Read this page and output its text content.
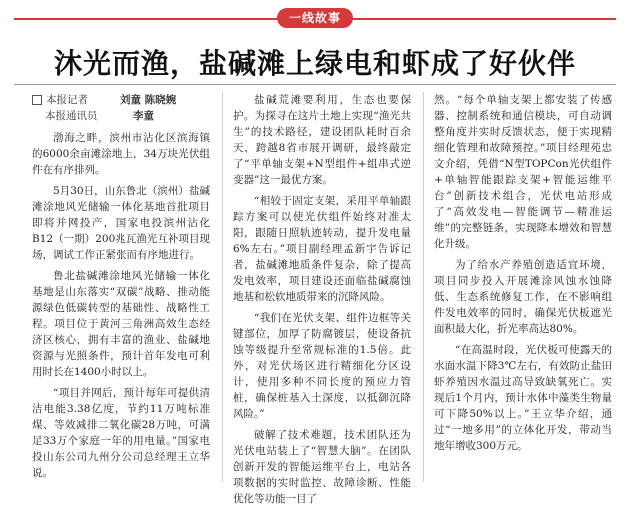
一线故事
沐光而渔，盐碱滩上绿电和虾成了好伙伴
本报记者	刘童 陈晓婉
本报通讯员	李童

渤海之畔，滨州市沾化区滨海镇的6000余亩滩涂地上，34万块光伏组件在有序排列。

5月30日，山东鲁北（滨州）盐碱滩涂地风光储输一体化基地首批项目即将并网投产，国家电投滨州沾化B12（一期）200兆瓦渔光互补项目现场，调试工作正紧张而有序地进行。

鲁北盐碱滩涂地风光储输一体化基地是山东落实“双碳”战略、推动能源绿色低碳转型的基础性、战略性工程。项目位于黄河三角洲高效生态经济区核心，拥有丰富的渔业、盐碱地资源与光照条件，预计首年发电可利用时长在1400小时以上。

“项目并网后，预计每年可提供清洁电能3.38亿度，节约11万吨标准煤、等效减排二氧化碳28万吨，可满足33万个家庭一年的用电量。”国家电投山东公司九州分公司总经理王立华说。

盐碱荒滩要利用，生态也要保护。为探寻在这片土地上实现“渔光共生”的技术路径，建设团队耗时百余天，跨越8省市展开调研，最终敲定了“平单轴支架+N型组件+组串式逆变器”这一最优方案。

“相较于固定支架，采用平单轴跟踪方案可以使光伏组件始终对准太阳，跟随日照轨迹转动，提升发电量6%左右。”项目副经理孟新宇告诉记者，盐碱滩地质条件复杂，除了提高发电效率，项目建设还面临盐碱腐蚀地基和松软地质带来的沉降风险。

“我们在光伏支架、组件边框等关键部位，加厚了防腐镀层，使设备抗蚀等级提升至常规标准的1.5倍。此外，对光伏场区进行精细化分区设计，使用多种不同长度的预应力管桩，确保桩基入土深度，以抵御沉降风险。”

破解了技术难题，技术团队还为光伏电站装上了“智慧大脑”。在团队创新开发的智能运维平台上，电站各项数据的实时监控、故障诊断、性能优化等功能一目了

然。“每个单轴支架上都安装了传感器、控制系统和通信模块，可自动调整角度并实时反馈状态，便于实现精细化管理和故障预控。”项目经理苑忠文介绍，凭借“N型TOPCon光伏组件+单轴智能跟踪支架+智能运维平台”创新技术组合，光伏电站形成了“高效发电—智能调节—精准运维”的完整链条，实现降本增效和智慧化升级。

为了给水产养殖创造适宜环境，项目同步投入开展滩涂风蚀水蚀降低、生态系统修复工作，在不影响组件发电效率的同时，确保光伏板遮光面积最大化，折光率高达80%。

“在高温时段，光伏板可使露天的水面水温下降3℃左右，有效防止盐田虾养殖因水温过高导致缺氧死亡。实现后1个月内，预计水体中藻类生物量可下降50%以上。”王立华介绍，通过“一地多用”的立体化开发，带动当地年增收300万元。
